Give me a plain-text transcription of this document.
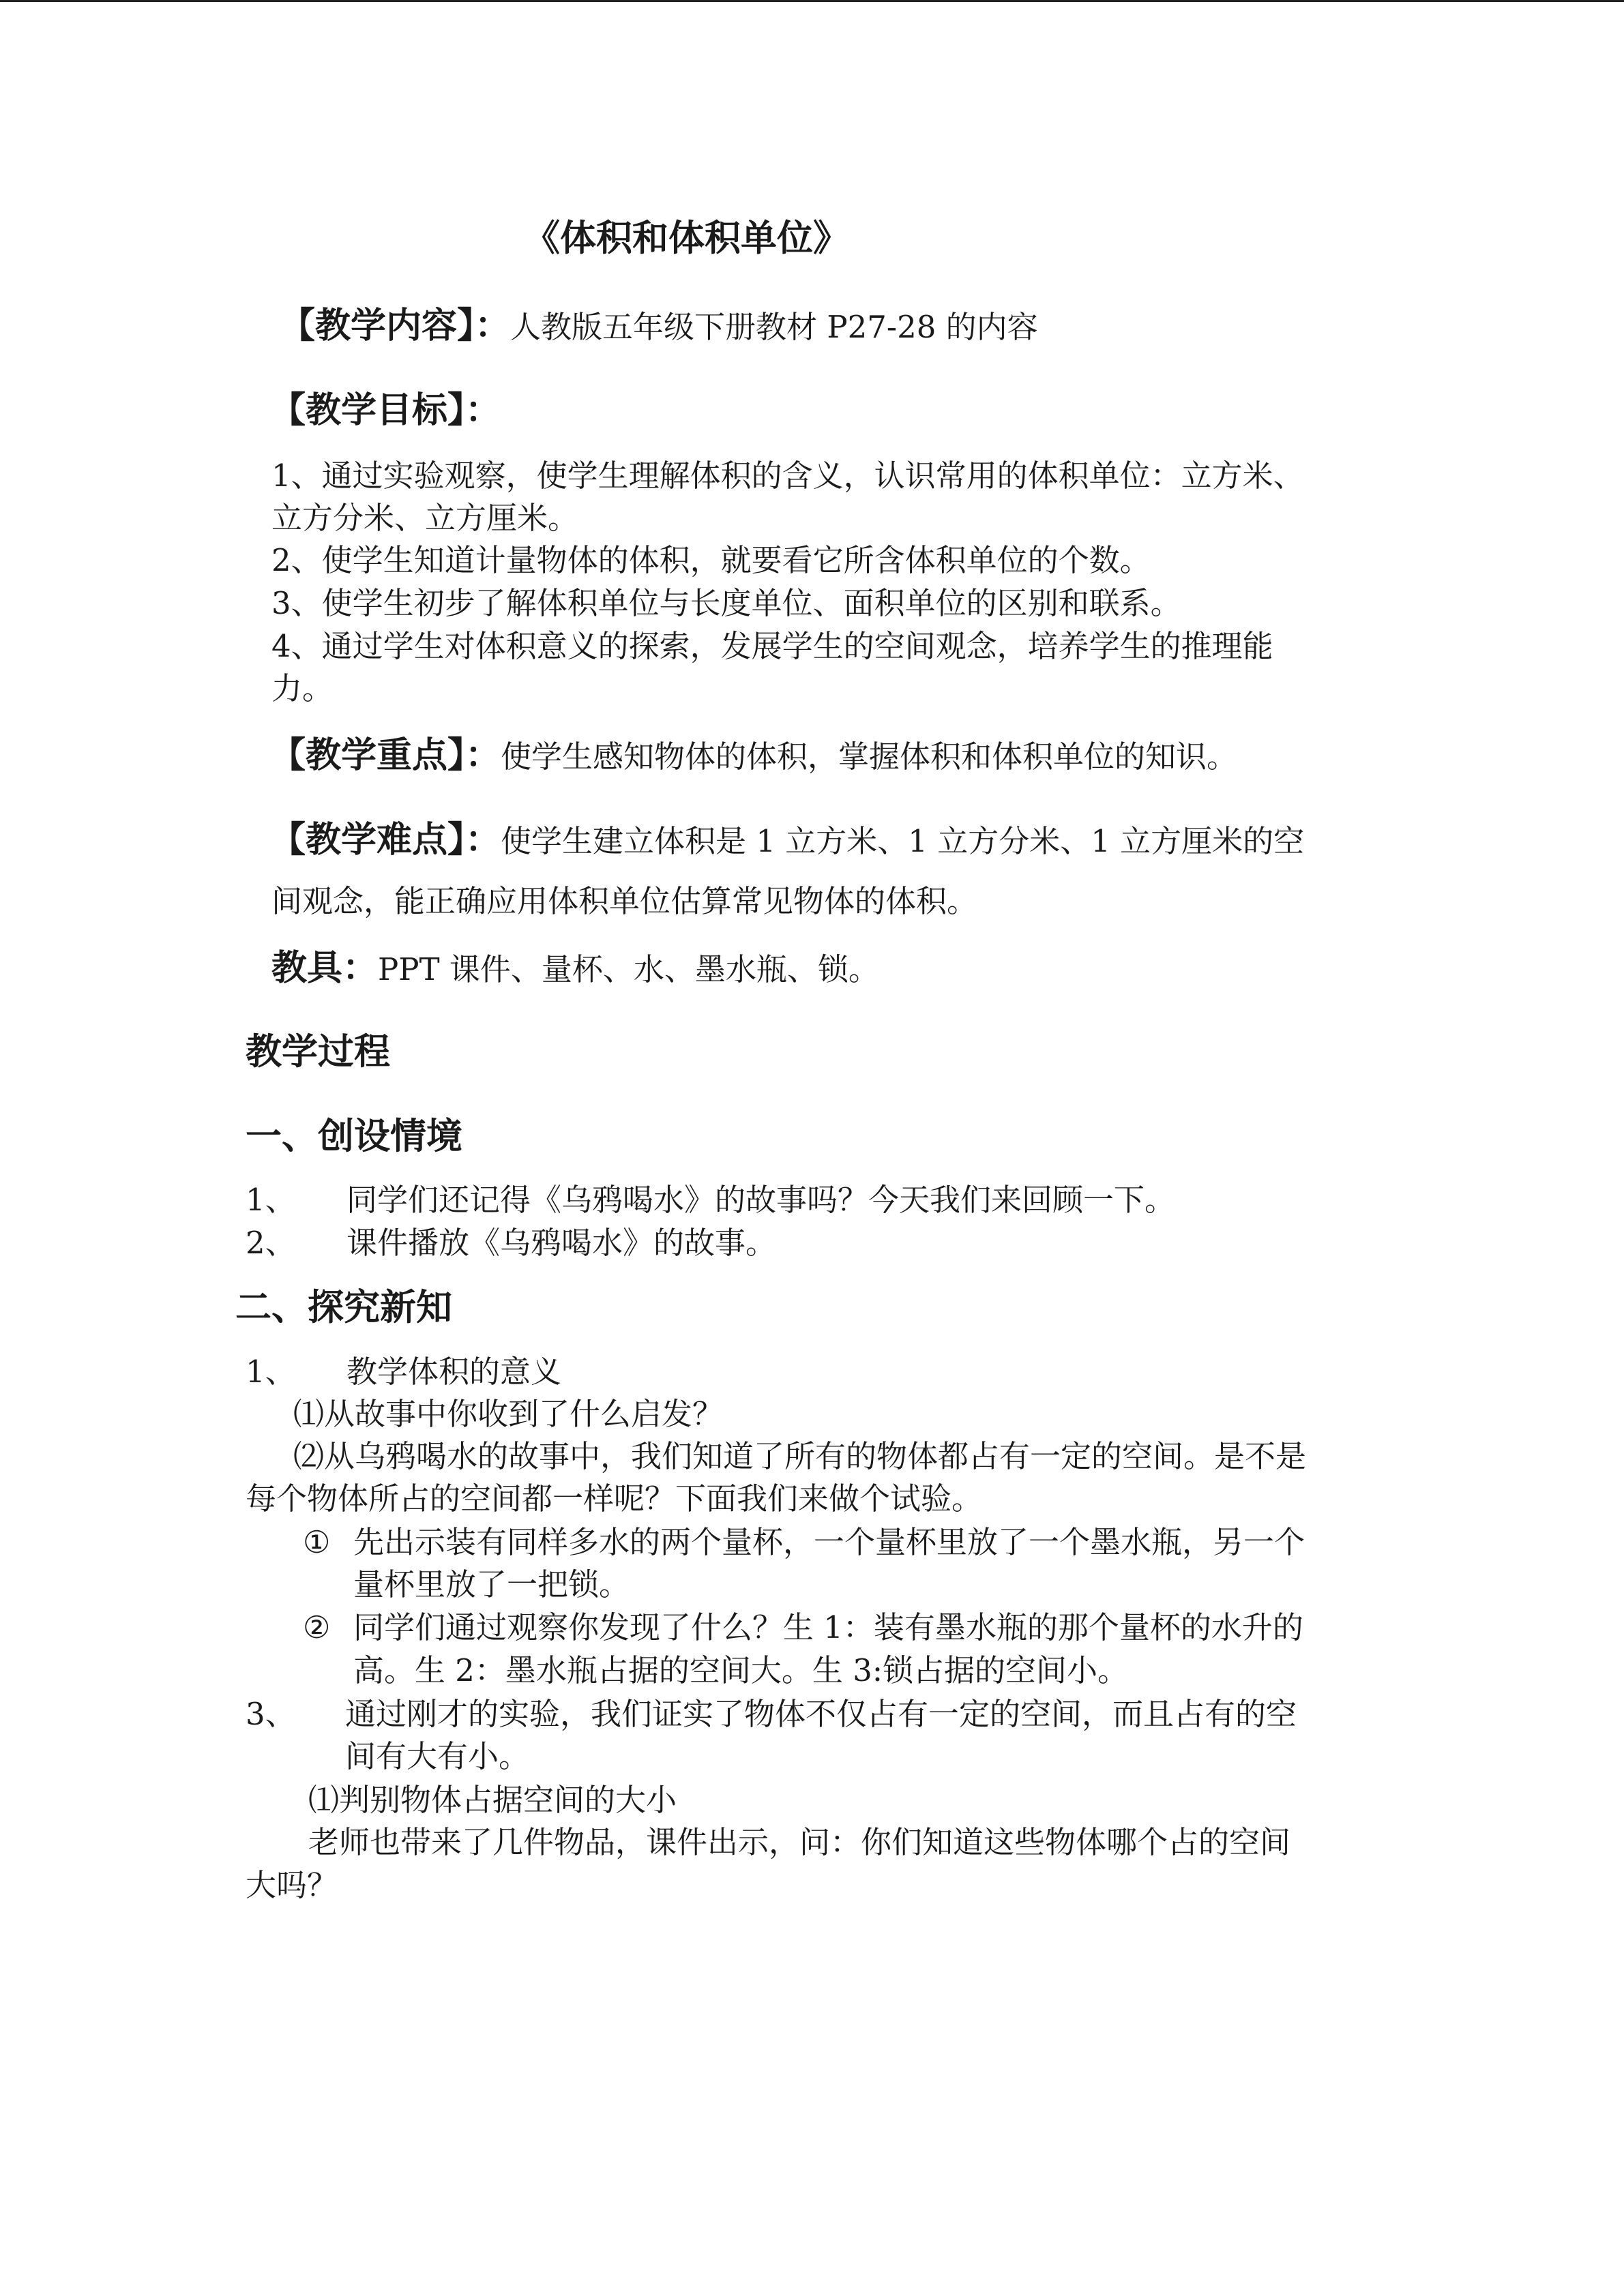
《体积和体积单位》
【教学内容】：人教版五年级下册教材 P27-28 的内容
【教学目标】：
1、通过实验观察，使学生理解体积的含义，认识常用的体积单位：立方米、
立方分米、立方厘米。
2、使学生知道计量物体的体积，就要看它所含体积单位的个数。
3、使学生初步了解体积单位与长度单位、面积单位的区别和联系。
4、通过学生对体积意义的探索，发展学生的空间观念，培养学生的推理能
力。
【教学重点】：使学生感知物体的体积，掌握体积和体积单位的知识。
【教学难点】：使学生建立体积是 1 立方米、1 立方分米、1 立方厘米的空
间观念，能正确应用体积单位估算常见物体的体积。
教具：PPT 课件、量杯、水、墨水瓶、锁。
教学过程
一、创设情境
1、 同学们还记得《乌鸦喝水》的故事吗？今天我们来回顾一下。
2、 课件播放《乌鸦喝水》的故事。
二、探究新知
1、 教学体积的意义
⑴从故事中你收到了什么启发？
⑵从乌鸦喝水的故事中，我们知道了所有的物体都占有一定的空间。是不是
每个物体所占的空间都一样呢？下面我们来做个试验。
① 先出示装有同样多水的两个量杯，一个量杯里放了一个墨水瓶，另一个
量杯里放了一把锁。
② 同学们通过观察你发现了什么？生 1：装有墨水瓶的那个量杯的水升的
高。生 2：墨水瓶占据的空间大。生 3:锁占据的空间小。
3、 通过刚才的实验，我们证实了物体不仅占有一定的空间，而且占有的空
间有大有小。
⑴判别物体占据空间的大小
老师也带来了几件物品，课件出示，问：你们知道这些物体哪个占的空间
大吗？
